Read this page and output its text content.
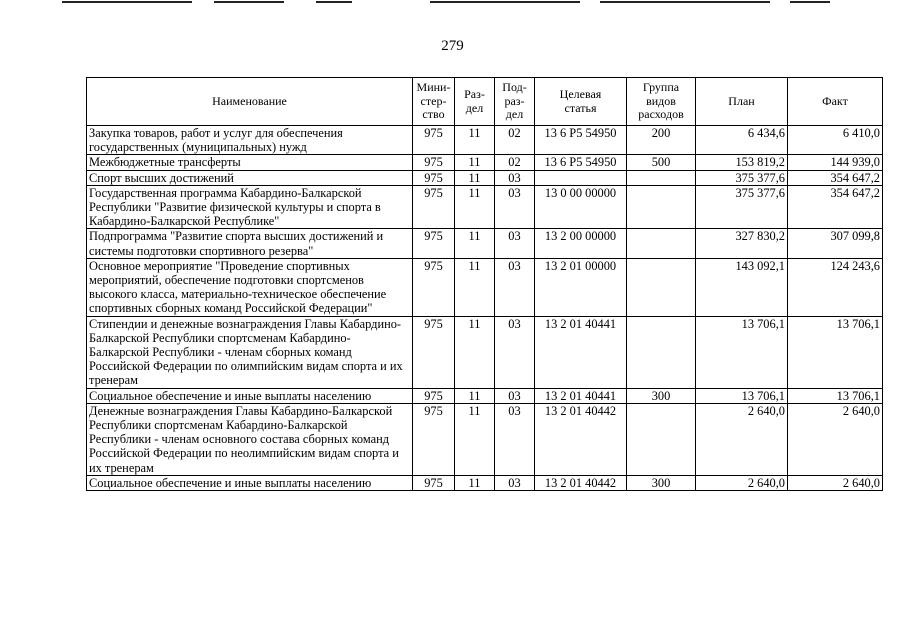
279
Наименование	Мини-
стер-
ство	Раз-
дел	Под-
раз-
дел	Целевая
статья	Группа
видов
расходов	План	Факт
Закупка товаров, работ и услуг для обеспечения государственных (муниципальных) нужд	975	11	02	13 6 P5 54950	200	6 434,6	6 410,0
Межбюджетные трансферты	975	11	02	13 6 P5 54950	500	153 819,2	144 939,0
Спорт высших достижений	975	11	03			375 377,6	354 647,2
Государственная программа Кабардино-Балкарской Республики "Развитие физической культуры и спорта в Кабардино-Балкарской Республике"	975	11	03	13 0 00 00000		375 377,6	354 647,2
Подпрограмма "Развитие спорта высших достижений и системы подготовки спортивного резерва"	975	11	03	13 2 00 00000		327 830,2	307 099,8
Основное мероприятие "Проведение спортивных мероприятий, обеспечение подготовки спортсменов высокого класса, материально-техническое обеспечение спортивных сборных команд Российской Федерации"	975	11	03	13 2 01 00000		143 092,1	124 243,6
Стипендии и денежные вознаграждения Главы Кабардино-Балкарской Республики спортсменам Кабардино-Балкарской Республики - членам сборных команд Российской Федерации по олимпийским видам спорта и их тренерам	975	11	03	13 2 01 40441		13 706,1	13 706,1
Социальное обеспечение и иные выплаты населению	975	11	03	13 2 01 40441	300	13 706,1	13 706,1
Денежные вознаграждения Главы Кабардино-Балкарской Республики спортсменам Кабардино-Балкарской Республики - членам основного состава сборных команд Российской Федерации по неолимпийским видам спорта и их тренерам	975	11	03	13 2 01 40442		2 640,0	2 640,0
Социальное обеспечение и иные выплаты населению	975	11	03	13 2 01 40442	300	2 640,0	2 640,0
